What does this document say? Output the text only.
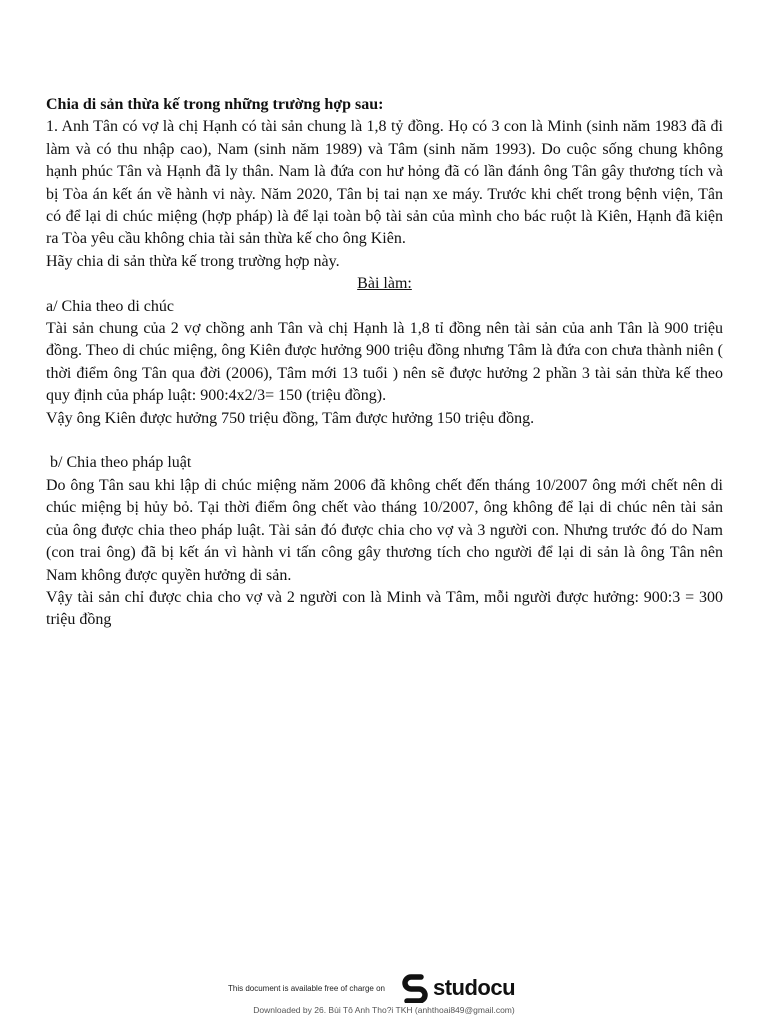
Chia di sản thừa kế trong những trường hợp sau:

1. Anh Tân có vợ là chị Hạnh có tài sản chung là 1,8 tỷ đồng. Họ có 3 con là Minh (sinh năm 1983 đã đi làm và có thu nhập cao), Nam (sinh năm 1989) và Tâm (sinh năm 1993). Do cuộc sống chung không hạnh phúc Tân và Hạnh đã ly thân. Nam là đứa con hư hỏng đã có lần đánh ông Tân gây thương tích và bị Tòa án kết án về hành vi này. Năm 2020, Tân bị tai nạn xe máy. Trước khi chết trong bệnh viện, Tân có để lại di chúc miệng (hợp pháp) là để lại toàn bộ tài sản của mình cho bác ruột là Kiên, Hạnh đã kiện ra Tòa yêu cầu không chia tài sản thừa kế cho ông Kiên.

Hãy chia di sản thừa kế trong trường hợp này.

Bài làm:

a/ Chia theo di chúc

Tài sản chung của 2 vợ chồng anh Tân và chị Hạnh là 1,8 tỉ đồng nên tài sản của anh Tân là 900 triệu đồng. Theo di chúc miệng, ông Kiên được hưởng 900 triệu đồng nhưng Tâm là đứa con chưa thành niên ( thời điểm ông Tân qua đời (2006), Tâm mới 13 tuổi ) nên sẽ được hưởng 2 phần 3 tài sản thừa kế theo quy định của pháp luật: 900:4x2/3= 150 (triệu đồng).

Vậy ông Kiên được hưởng 750 triệu đồng, Tâm được hưởng 150 triệu đồng.

b/ Chia theo pháp luật

Do ông Tân sau khi lập di chúc miệng năm 2006 đã không chết đến tháng 10/2007 ông mới chết nên di chúc miệng bị hủy bỏ. Tại thời điểm ông chết vào tháng 10/2007, ông không để lại di chúc nên tài sản của ông được chia theo pháp luật. Tài sản đó được chia cho vợ và 3 người con. Nhưng trước đó do Nam (con trai ông) đã bị kết án vì hành vi tấn công gây thương tích cho người để lại di sản là ông Tân nên Nam không được quyền hưởng di sản.

Vậy tài sản chỉ được chia cho vợ và 2 người con là Minh và Tâm, mỗi người được hưởng: 900:3 = 300 triệu đồng

This document is available free of charge on studocu
Downloaded by 26. Bùi Tô Anh Tho?i TKH (anhthoai849@gmail.com)
